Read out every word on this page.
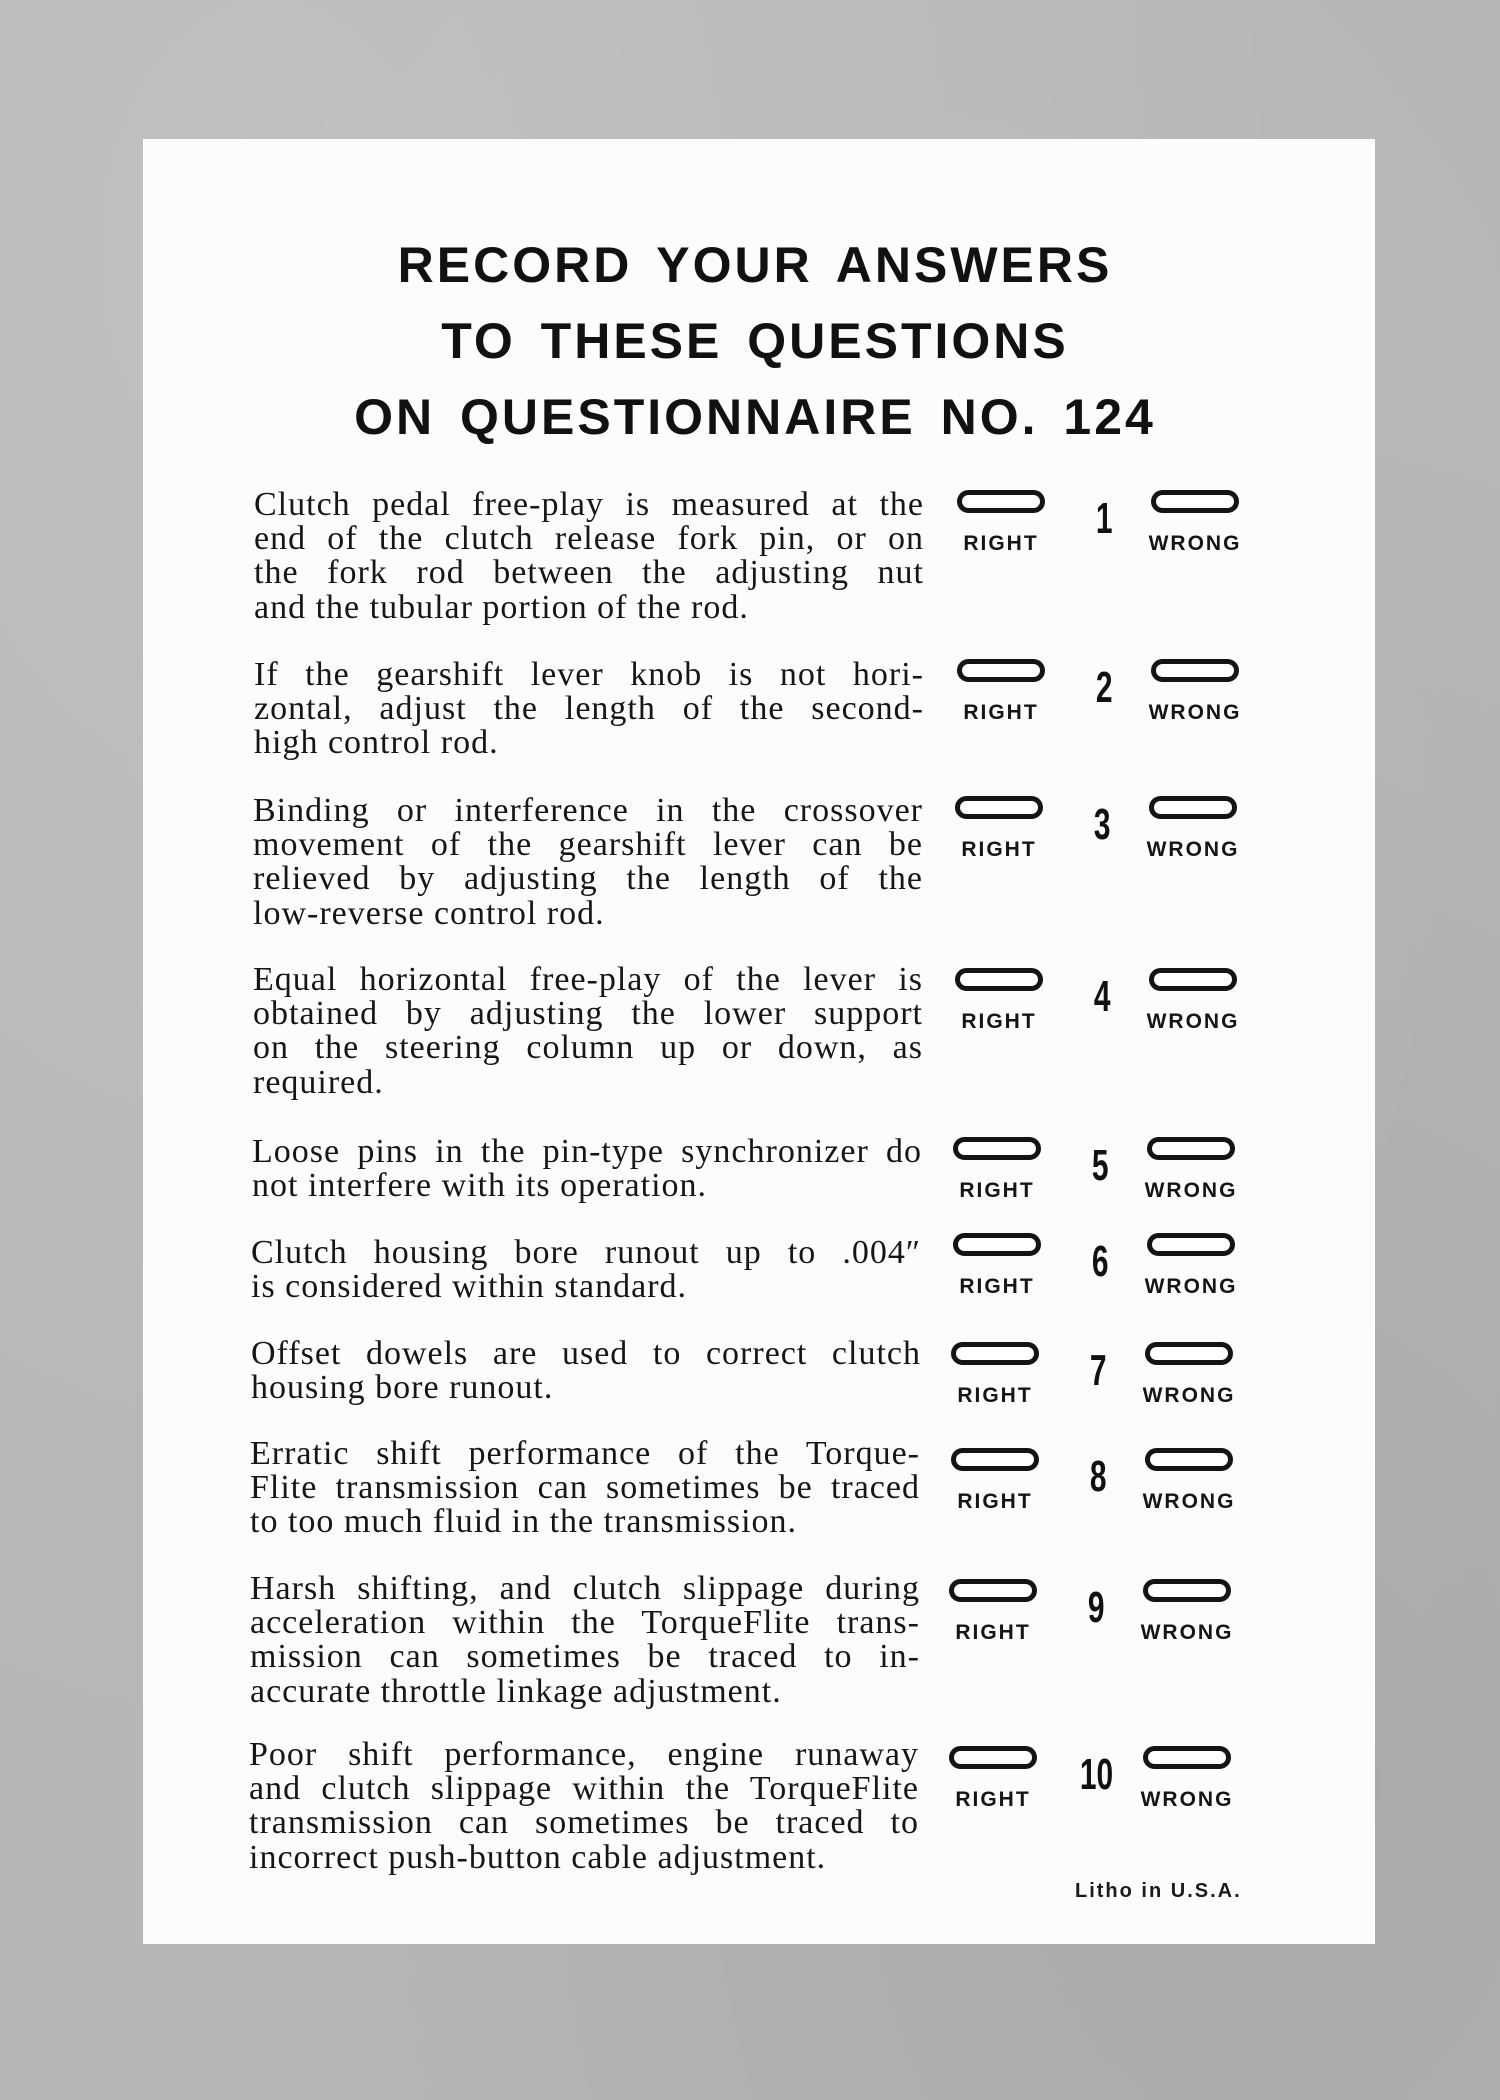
RECORD YOUR ANSWERS
TO THESE QUESTIONS
ON QUESTIONNAIRE NO. 124
Clutch pedal free-play is measured at the
end of the clutch release fork pin, or on
the fork rod between the adjusting nut
and the tubular portion of the rod.
RIGHT
1
WRONG
If the gearshift lever knob is not hori-
zontal, adjust the length of the second-
high control rod.
RIGHT
2
WRONG
Binding or interference in the crossover
movement of the gearshift lever can be
relieved by adjusting the length of the
low-reverse control rod.
RIGHT
3
WRONG
Equal horizontal free-play of the lever is
obtained by adjusting the lower support
on the steering column up or down, as
required.
RIGHT
4
WRONG
Loose pins in the pin-type synchronizer do
not interfere with its operation.	RIGHT
5
WRONG
Clutch housing bore runout up to .004″
is considered within standard.	RIGHT
6
WRONG
Offset dowels are used to correct clutch
housing bore runout.	RIGHT
7
WRONG
Erratic shift performance of the Torque-
Flite transmission can sometimes be traced
to too much fluid in the transmission.
RIGHT
8
WRONG
Harsh shifting, and clutch slippage during
acceleration within the TorqueFlite trans-
mission can sometimes be traced to in-
accurate throttle linkage adjustment.
RIGHT
9
WRONG
Poor shift performance, engine runaway
and clutch slippage within the TorqueFlite
transmission can sometimes be traced to
incorrect push-button cable adjustment.
RIGHT
10
WRONG
Litho in U.S.A.
